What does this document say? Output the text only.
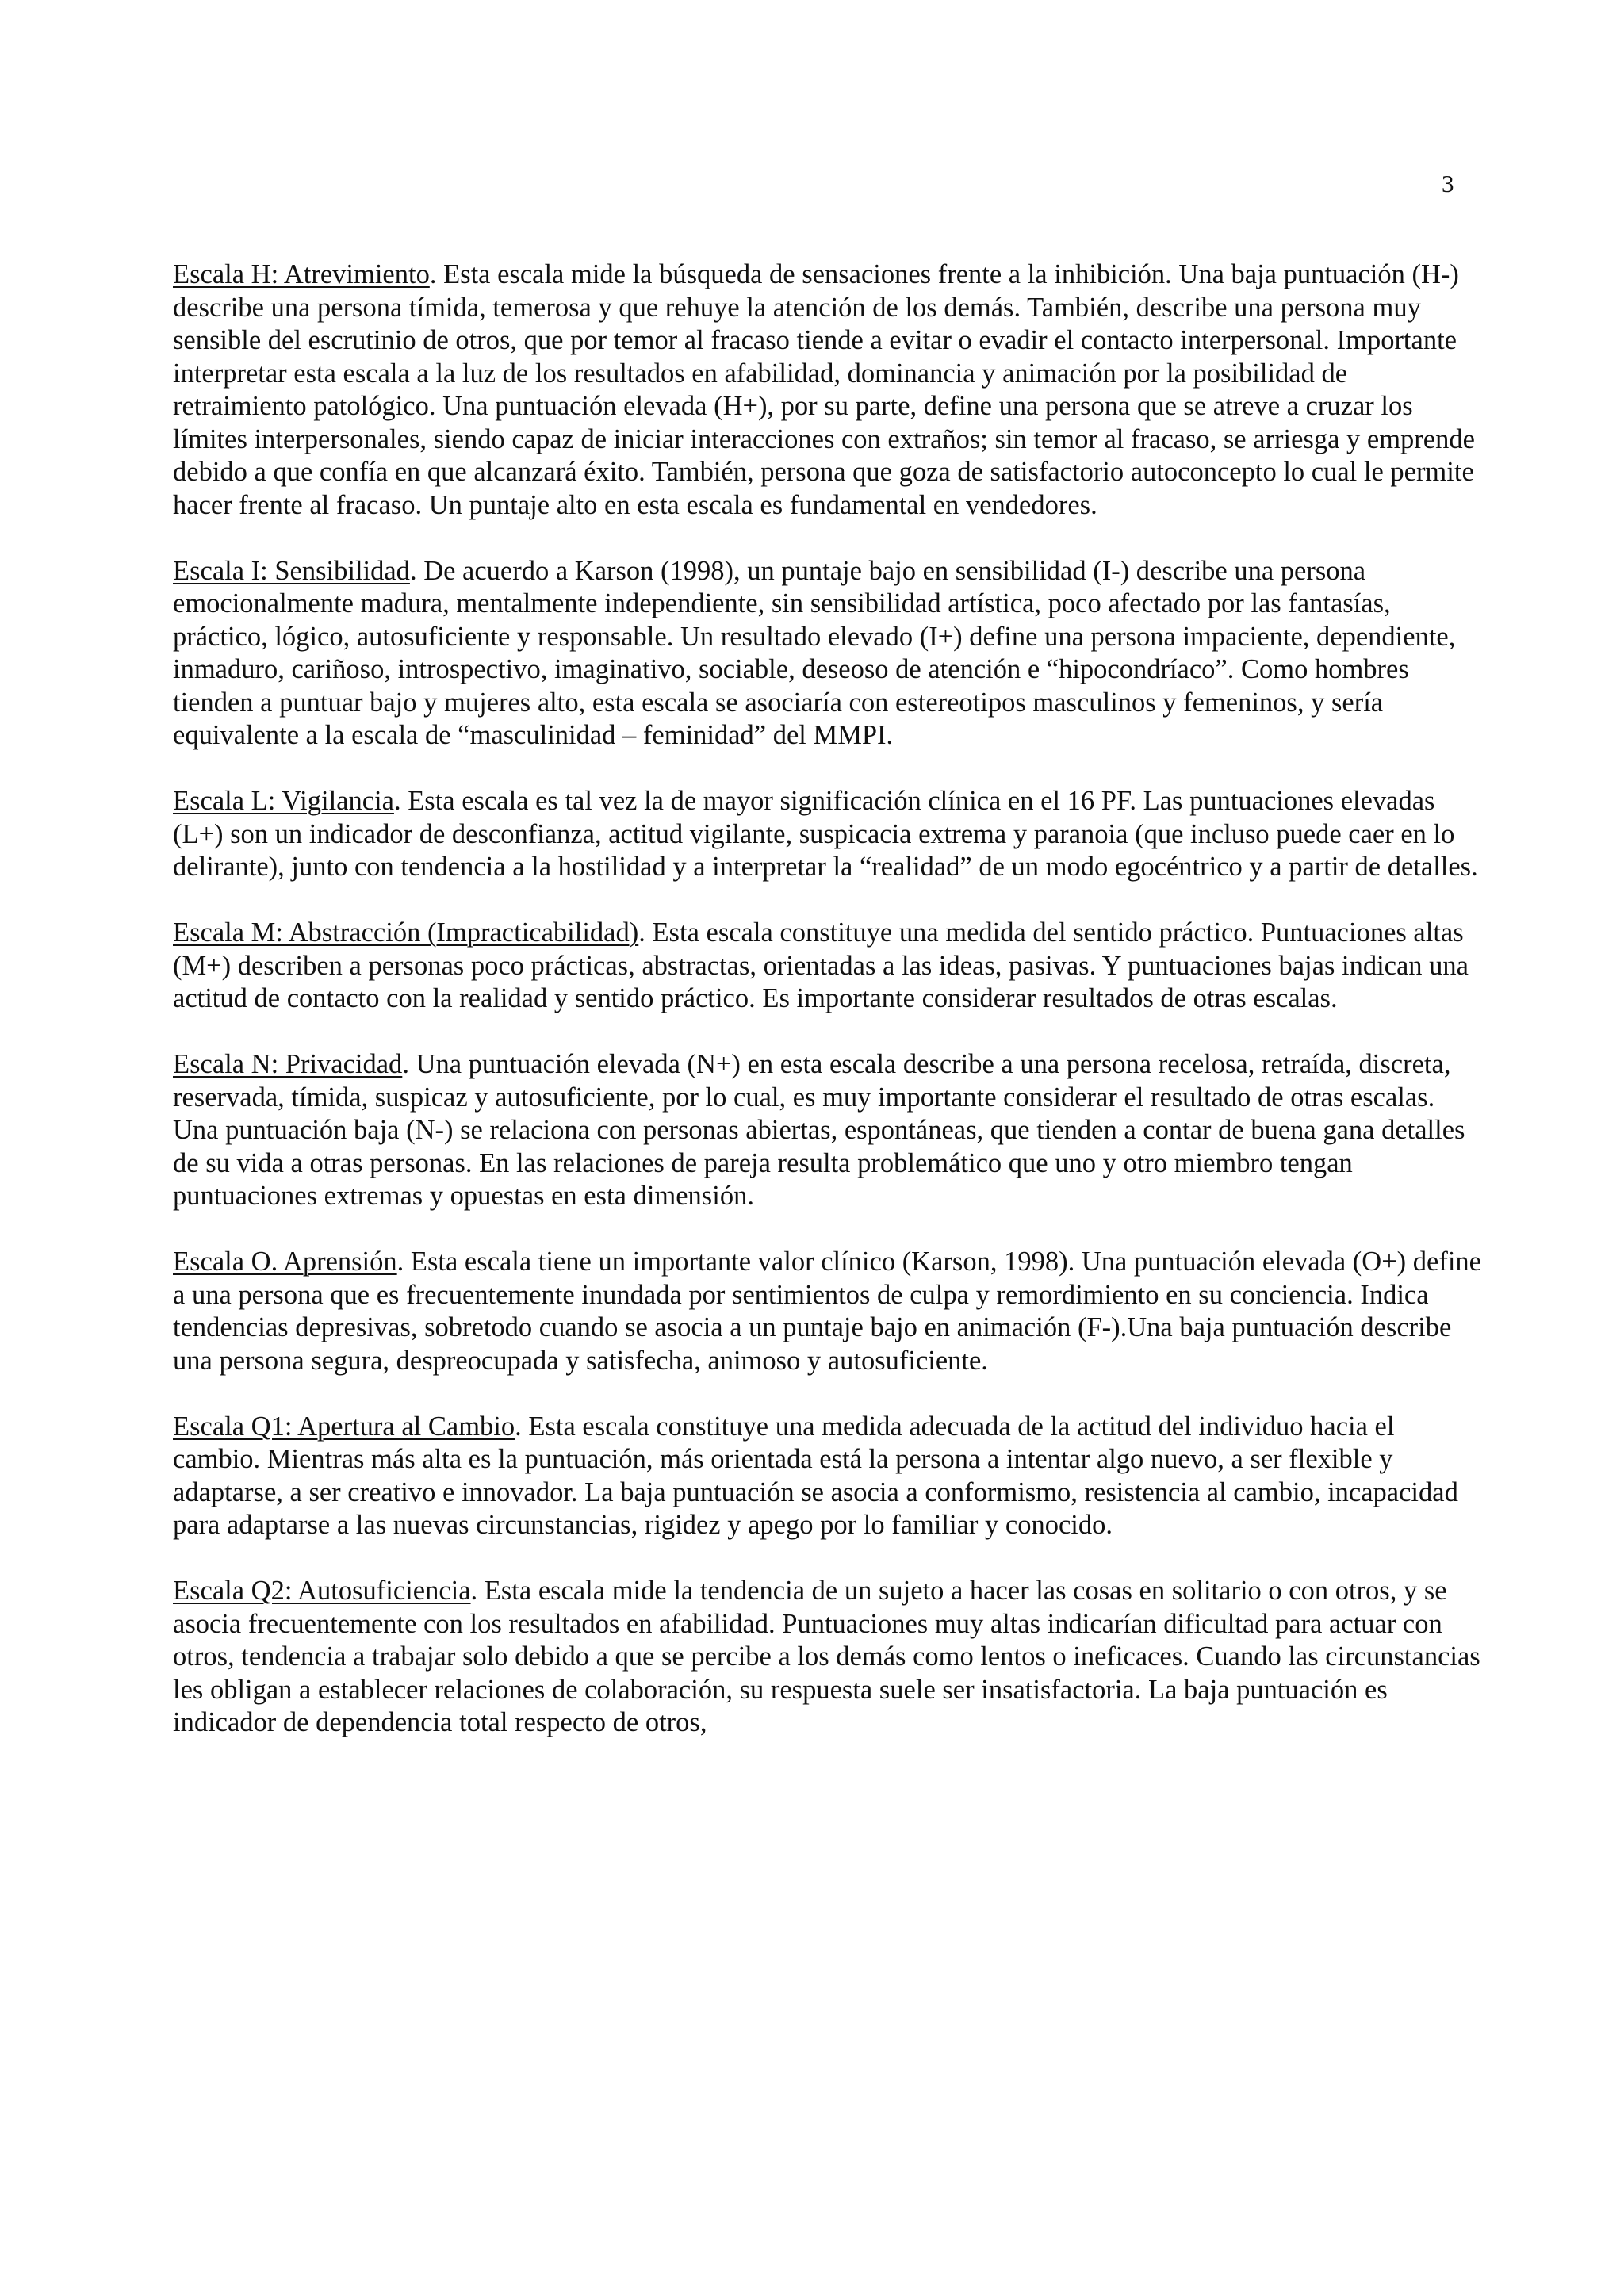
3

Escala H: Atrevimiento. Esta escala mide la búsqueda de sensaciones frente a la inhibición. Una baja puntuación (H-) describe una persona tímida, temerosa y que rehuye la atención de los demás. También, describe una persona muy sensible del escrutinio de otros, que por temor al fracaso tiende a evitar o evadir el contacto interpersonal. Importante interpretar esta escala a la luz de los resultados en afabilidad, dominancia y animación por la posibilidad de retraimiento patológico. Una puntuación elevada (H+), por su parte, define una persona que se atreve a cruzar los límites interpersonales, siendo capaz de iniciar interacciones con extraños; sin temor al fracaso, se arriesga y emprende debido a que confía en que alcanzará éxito. También, persona que goza de satisfactorio autoconcepto lo cual le permite hacer frente al fracaso. Un puntaje alto en esta escala es fundamental en vendedores.

Escala I: Sensibilidad. De acuerdo a Karson (1998), un puntaje bajo en sensibilidad (I-) describe una persona emocionalmente madura, mentalmente independiente, sin sensibilidad artística, poco afectado por las fantasías, práctico, lógico, autosuficiente y responsable. Un resultado elevado (I+) define una persona impaciente, dependiente, inmaduro, cariñoso, introspectivo, imaginativo, sociable, deseoso de atención e “hipocondríaco”. Como hombres tienden a puntuar bajo y mujeres alto, esta escala se asociaría con estereotipos masculinos y femeninos, y sería equivalente a la escala de “masculinidad – feminidad” del MMPI.

Escala L: Vigilancia. Esta escala es tal vez la de mayor significación clínica en el 16 PF. Las puntuaciones elevadas (L+) son un indicador de desconfianza, actitud vigilante, suspicacia extrema y paranoia (que incluso puede caer en lo delirante), junto con tendencia a la hostilidad y a interpretar la “realidad” de un modo egocéntrico y a partir de detalles.

Escala M: Abstracción (Impracticabilidad). Esta escala constituye una medida del sentido práctico. Puntuaciones altas (M+) describen a personas poco prácticas, abstractas, orientadas a las ideas, pasivas. Y puntuaciones bajas indican una actitud de contacto con la realidad y sentido práctico. Es importante considerar resultados de otras escalas.

Escala N: Privacidad. Una puntuación elevada (N+) en esta escala describe a una persona recelosa, retraída, discreta, reservada, tímida, suspicaz y autosuficiente, por lo cual, es muy importante considerar el resultado de otras escalas. Una puntuación baja (N-) se relaciona con personas abiertas, espontáneas, que tienden a contar de buena gana detalles de su vida a otras personas. En las relaciones de pareja resulta problemático que uno y otro miembro tengan puntuaciones extremas y opuestas en esta dimensión.

Escala O. Aprensión. Esta escala tiene un importante valor clínico (Karson, 1998). Una puntuación elevada (O+) define a una persona que es frecuentemente inundada por sentimientos de culpa y remordimiento en su conciencia. Indica tendencias depresivas, sobretodo cuando se asocia a un puntaje bajo en animación (F-).Una baja puntuación describe una persona segura, despreocupada y satisfecha, animoso y autosuficiente.

Escala Q1: Apertura al Cambio. Esta escala constituye una medida adecuada de la actitud del individuo hacia el cambio. Mientras más alta es la puntuación, más orientada está la persona a intentar algo nuevo, a ser flexible y adaptarse, a ser creativo e innovador. La baja puntuación se asocia a conformismo, resistencia al cambio, incapacidad para adaptarse a las nuevas circunstancias, rigidez y apego por lo familiar y conocido.

Escala Q2: Autosuficiencia. Esta escala mide la tendencia de un sujeto a hacer las cosas en solitario o con otros, y se asocia frecuentemente con los resultados en afabilidad. Puntuaciones muy altas indicarían dificultad para actuar con otros, tendencia a trabajar solo debido a que se percibe a los demás como lentos o ineficaces. Cuando las circunstancias les obligan a establecer relaciones de colaboración, su respuesta suele ser insatisfactoria. La baja puntuación es indicador de dependencia total respecto de otros,
